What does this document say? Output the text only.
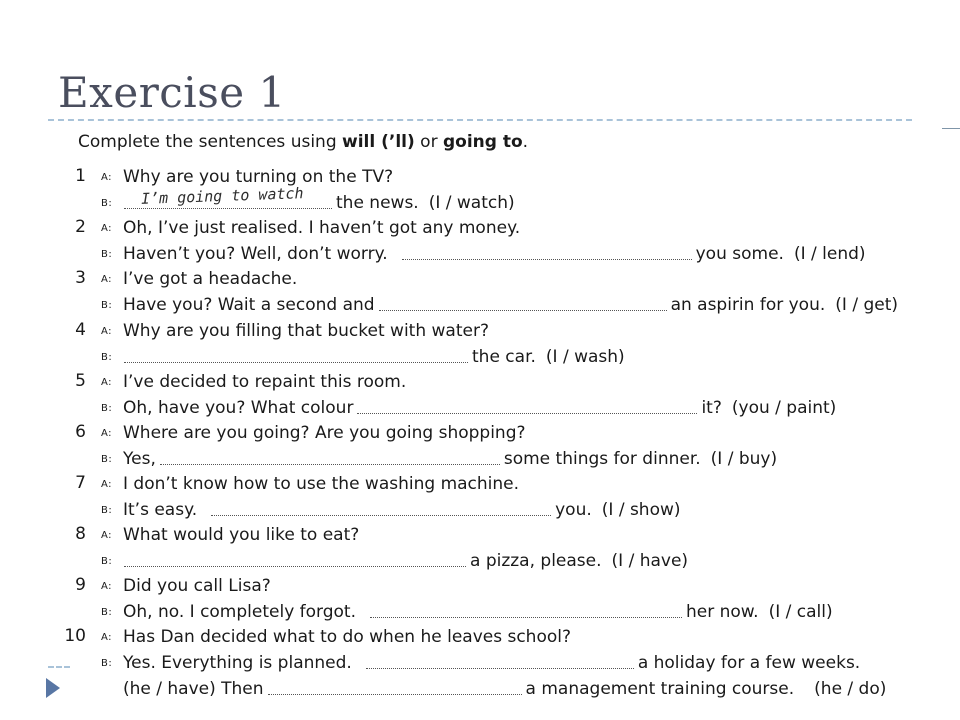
Exercise 1
Complete the sentences using will (’ll) or going to.
1 A: Why are you turning on the TV?
B:	the news. (I / watch)
I’m going to watch
2 A: Oh, I’ve just realised. I haven’t got any money.
B: Haven’t you? Well, don’t worry.	you some. (I / lend)
3 A: I’ve got a headache.
B: Have you? Wait a second and	an aspirin for you. (I / get)
4 A: Why are you filling that bucket with water?
B:	the car. (I / wash)
5 A: I’ve decided to repaint this room.
B: Oh, have you? What colour	it? (you / paint)
6 A: Where are you going? Are you going shopping?
B: Yes,	some things for dinner. (I / buy)
7 A: I don’t know how to use the washing machine.
B: It’s easy.	you. (I / show)
8 A: What would you like to eat?
B:	a pizza, please. (I / have)
9 A: Did you call Lisa?
B: Oh, no. I completely forgot.	her now. (I / call)
10 A: Has Dan decided what to do when he leaves school?
B: Yes. Everything is planned.	a holiday for a few weeks.
(he / have) Then	a management training course. (he / do)
